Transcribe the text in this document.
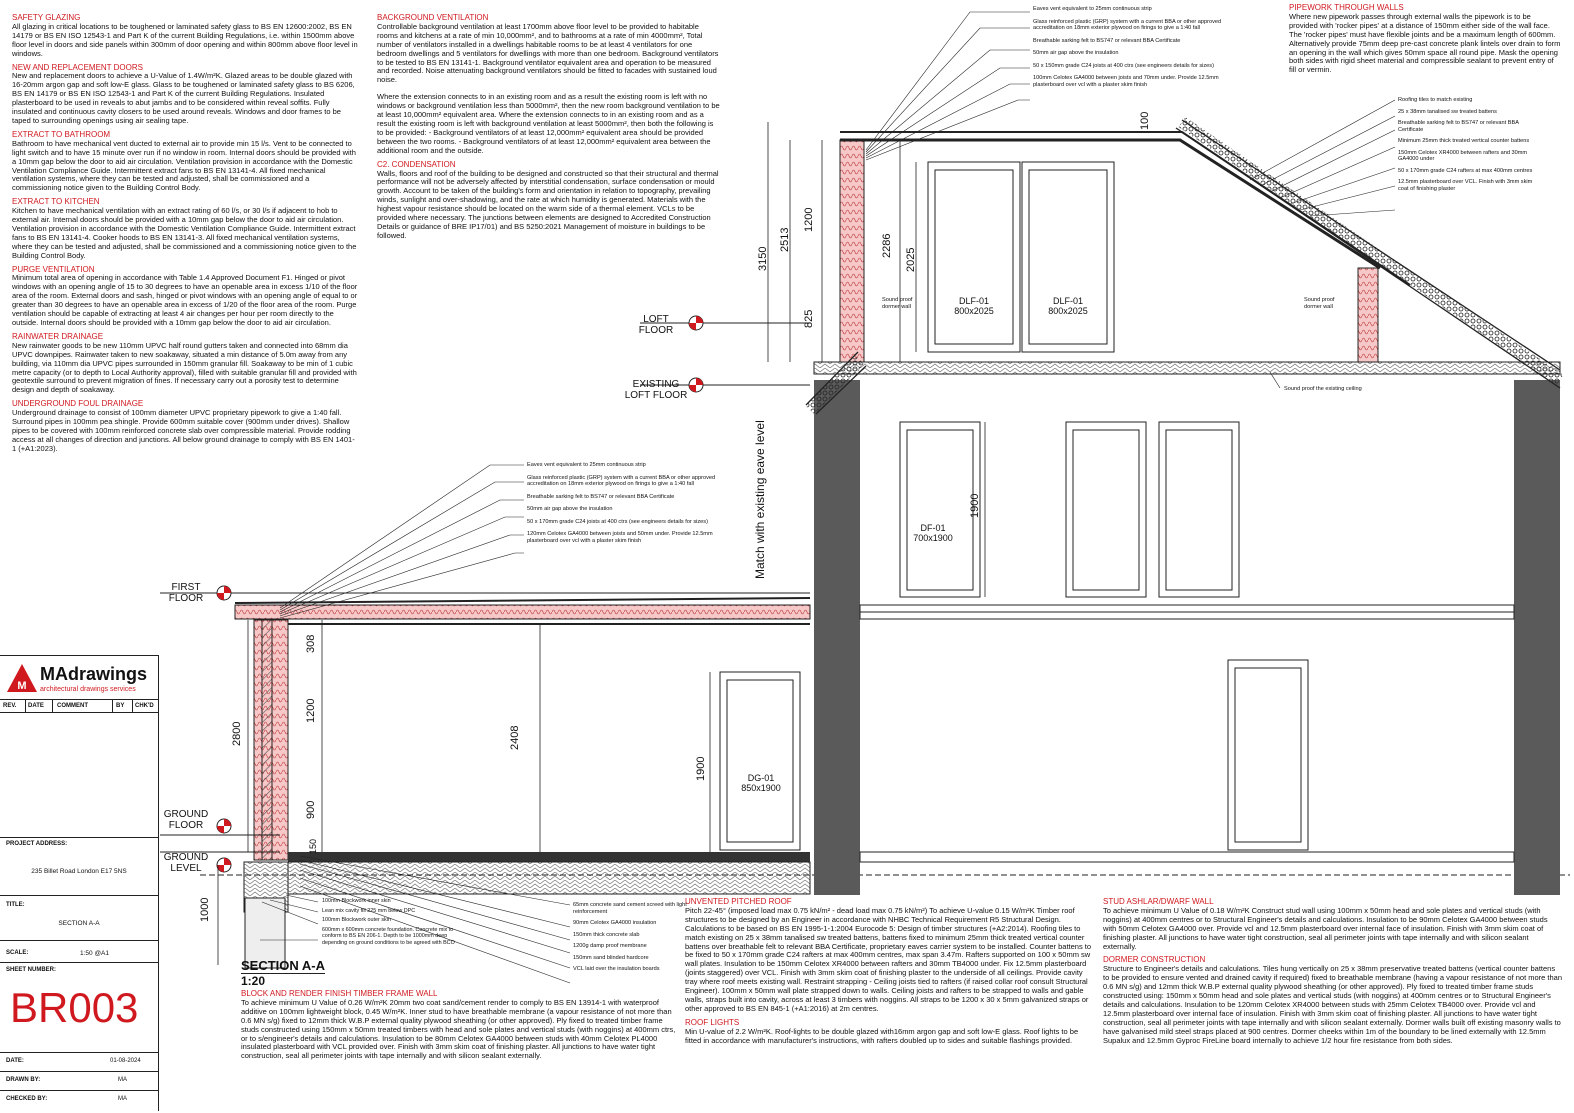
SAFETY GLAZING

All glazing in critical locations to be toughened or laminated safety glass to BS EN 12600:2002, BS EN 14179 or BS EN ISO 12543-1 and Part K of the current Building Regulations, i.e. within 1500mm above floor level in doors and side panels within 300mm of door opening and within 800mm above floor level in windows.

NEW AND REPLACEMENT DOORS

New and replacement doors to achieve a U-Value of 1.4W/m²K. Glazed areas to be double glazed with 16-20mm argon gap and soft low-E glass. Glass to be toughened or laminated safety glass to BS 6206, BS EN 14179 or BS EN ISO 12543-1 and Part K of the current Building Regulations. Insulated plasterboard to be used in reveals to abut jambs and to be considered within reveal soffits. Fully insulated and continuous cavity closers to be used around reveals. Windows and door frames to be taped to surrounding openings using air sealing tape.

EXTRACT TO BATHROOM

Bathroom to have mechanical vent ducted to external air to provide min 15 l/s. Vent to be connected to light switch and to have 15 minute over run if no window in room. Internal doors should be provided with a 10mm gap below the door to aid air circulation. Ventilation provision in accordance with the Domestic Ventilation Compliance Guide. Intermittent extract fans to BS EN 13141-4. All fixed mechanical ventilation systems, where they can be tested and adjusted, shall be commissioned and a commissioning notice given to the Building Control Body.

EXTRACT TO KITCHEN

Kitchen to have mechanical ventilation with an extract rating of 60 l/s, or 30 l/s if adjacent to hob to external air. Internal doors should be provided with a 10mm gap below the door to aid air circulation. Ventilation provision in accordance with the Domestic Ventilation Compliance Guide. Intermittent extract fans to BS EN 13141-4. Cooker hoods to BS EN 13141-3. All fixed mechanical ventilation systems, where they can be tested and adjusted, shall be commissioned and a commissioning notice given to the Building Control Body.

PURGE VENTILATION

Minimum total area of opening in accordance with Table 1.4 Approved Document F1. Hinged or pivot windows with an opening angle of 15 to 30 degrees to have an openable area in excess 1/10 of the floor area of the room. External doors and sash, hinged or pivot windows with an opening angle of equal to or greater than 30 degrees to have an openable area in excess of 1/20 of the floor area of the room. Purge ventilation should be capable of extracting at least 4 air changes per hour per room directly to the outside. Internal doors should be provided with a 10mm gap below the door to aid air circulation.

RAINWATER DRAINAGE

New rainwater goods to be new 110mm UPVC half round gutters taken and connected into 68mm dia UPVC downpipes. Rainwater taken to new soakaway, situated a min distance of 5.0m away from any building, via 110mm dia UPVC pipes surrounded in 150mm granular fill. Soakaway to be min of 1 cubic metre capacity (or to depth to Local Authority approval), filled with suitable granular fill and provided with geotextile surround to prevent migration of fines. If necessary carry out a porosity test to determine design and depth of soakaway.

UNDERGROUND FOUL DRAINAGE

Underground drainage to consist of 100mm diameter UPVC proprietary pipework to give a 1:40 fall. Surround pipes in 100mm pea shingle. Provide 600mm suitable cover (900mm under drives). Shallow pipes to be covered with 100mm reinforced concrete slab over compressible material. Provide rodding access at all changes of direction and junctions. All below ground drainage to comply with BS EN 1401-1 (+A1:2023).

BACKGROUND VENTILATION

Controllable background ventilation at least 1700mm above floor level to be provided to habitable rooms and kitchens at a rate of min 10,000mm², and to bathrooms at a rate of min 4000mm², Total number of ventilators installed in a dwellings habitable rooms to be at least 4 ventilators for one bedroom dwellings and 5 ventilators for dwellings with more than one bedroom. Background ventilators to be tested to BS EN 13141-1. Background ventilator equivalent area and operation to be measured and recorded. Noise attenuating background ventilators should be fitted to facades with sustained loud noise.

Where the extension connects to in an existing room and as a result the existing room is left with no windows or background ventilation less than 5000mm², then the new room background ventilation to be at least 10,000mm² equivalent area. Where the extension connects to in an existing room and as a result the existing room is left with background ventilation at least 5000mm², then both the following is to be provided: - Background ventilators of at least 12,000mm² equivalent area should be provided between the two rooms. - Background ventilators of at least 12,000mm² equivalent area between the additional room and the outside.

C2. CONDENSATION

Walls, floors and roof of the building to be designed and constructed so that their structural and thermal performance will not be adversely affected by interstitial condensation, surface condensation or mould growth. Account to be taken of the building's form and orientation in relation to topography, prevailing winds, sunlight and over-shadowing, and the rate at which humidity is generated. Materials with the highest vapour resistance should be located on the warm side of a thermal element. VCLs to be provided where necessary. The junctions between elements are designed to Accredited Construction Details or guidance of BRE IP17/01) and BS 5250:2021 Management of moisture in buildings to be followed.

PIPEWORK THROUGH WALLS

Where new pipework passes through external walls the pipework is to be provided with 'rocker pipes' at a distance of 150mm either side of the wall face. The 'rocker pipes' must have flexible joints and be a maximum length of 600mm. Alternatively provide 75mm deep pre-cast concrete plank lintels over drain to form an opening in the wall which gives 50mm space all round pipe. Mask the opening both sides with rigid sheet material and compressible sealant to prevent entry of fill or vermin.

BLOCK AND RENDER FINISH TIMBER FRAME WALL

To achieve minimum U Value of 0.26 W/m²K 20mm two coat sand/cement render to comply to BS EN 13914-1 with waterproof additive on 100mm lightweight block, 0.45 W/m²K. Inner stud to have breathable membrane (a vapour resistance of not more than 0.6 MN s/g) fixed to 12mm thick W.B.P external quality plywood sheathing (or other approved). Ply fixed to treated timber frame studs constructed using 150mm x 50mm treated timbers with head and sole plates and vertical studs (with noggins) at 400mm ctrs, or to s/engineer's details and calculations. Insulation to be 80mm Celotex GA4000 between studs with 40mm Celotex PL4000 insulated plasterboard with VCL provided over. Finish with 3mm skim coat of finishing plaster. All junctions to have water tight construction, seal all perimeter joints with tape internally and with silicon sealant externally.

UNVENTED PITCHED ROOF

Pitch 22-45° (imposed load max 0.75 kN/m² - dead load max 0.75 kN/m²) To achieve U-value 0.15 W/m²K Timber roof structures to be designed by an Engineer in accordance with NHBC Technical Requirement R5 Structural Design. Calculations to be based on BS EN 1995-1-1:2004 Eurocode 5: Design of timber structures (+A2:2014). Roofing tiles to match existing on 25 x 38mm tanalised sw treated battens, battens fixed to minimum 25mm thick treated vertical counter battens over breathable felt to relevant BBA Certificate, proprietary eaves carrier system to be installed. Counter battens to be fixed to 50 x 170mm grade C24 rafters at max 400mm centres, max span 3.47m. Rafters supported on 100 x 50mm sw wall plates. Insulation to be 150mm Celotex XR4000 between rafters and 30mm TB4000 under. Fix 12.5mm plasterboard (joints staggered) over VCL. Finish with 3mm skim coat of finishing plaster to the underside of all ceilings. Provide cavity tray where roof meets existing wall. Restraint strapping - Ceiling joists tied to rafters (if raised collar roof consult Structural Engineer). 100mm x 50mm wall plate strapped down to walls. Ceiling joists and rafters to be strapped to walls and gable walls, straps built into cavity, across at least 3 timbers with noggins. All straps to be 1200 x 30 x 5mm galvanized straps or other approved to BS EN 845-1 (+A1:2016) at 2m centres.

ROOF LIGHTS

Min U-value of 2.2 W/m²K. Roof-lights to be double glazed with16mm argon gap and soft low-E glass. Roof lights to be fitted in accordance with manufacturer's instructions, with rafters doubled up to sides and suitable flashings provided.

STUD ASHLAR/DWARF WALL

To achieve minimum U Value of 0.18 W/m²K Construct stud wall using 100mm x 50mm head and sole plates and vertical studs (with noggins) at 400mm centres or to Structural Engineer's details and calculations. Insulation to be 90mm Celotex GA4000 between studs with 50mm Celotex GA4000 over. Provide vcl and 12.5mm plasterboard over internal face of insulation. Finish with 3mm skim coat of finishing plaster. All junctions to have water tight construction, seal all perimeter joints with tape internally and with silicon sealant externally.

DORMER CONSTRUCTION

Structure to Engineer's details and calculations. Tiles hung vertically on 25 x 38mm preservative treated battens (vertical counter battens to be provided to ensure vented and drained cavity if required) fixed to breathable membrane (having a vapour resistance of not more than 0.6 MN s/g) and 12mm thick W.B.P external quality plywood sheathing (or other approved). Ply fixed to treated timber frame studs constructed using: 150mm x 50mm head and sole plates and vertical studs (with noggins) at 400mm centres or to Structural Engineer's details and calculations. Insulation to be 120mm Celotex XR4000 between studs with 25mm Celotex TB4000 over. Provide vcl and 12.5mm plasterboard over internal face of insulation. Finish with 3mm skim coat of finishing plaster. All junctions to have water tight construction, seal all perimeter joints with tape internally and with silicon sealant externally. Dormer walls built off existing masonry walls to have galvanised mild steel straps placed at 900 centres. Dormer cheeks within 1m of the boundary to be lined externally with 12.5mm Supalux and 12.5mm Gyproc FireLine board internally to achieve 1/2 hour fire resistance from both sides.

Eaves vent equivalent to 25mm continuous strip
Glass reinforced plastic (GRP) system with a current BBA or other approved accreditation on 18mm exterior plywood on firings to give a 1:40 fall
Breathable sarking felt to BS747 or relevant BBA Certificate
50mm air gap above the insulation
50 x 150mm grade C24 joists at 400 ctrs (see engineers details for sizes)
100mm Celotex GA4000 between joists and 70mm under. Provide 12.5mm plasterboard over vcl with a plaster skim finish
Eaves vent equivalent to 25mm continuous strip
Glass reinforced plastic (GRP) system with a current BBA or other approved accreditation on 18mm exterior plywood on firings to give a 1:40 fall
Breathable sarking felt to BS747 or relevant BBA Certificate
50mm air gap above the insulation
50 x 170mm grade C24 joists at 400 ctrs (see engineers details for sizes)
120mm Celotex GA4000 between joists and 50mm under. Provide 12.5mm plasterboard over vcl with a plaster skim finish
Roofing tiles to match existing
25 x 38mm tanalised sw treated battens
Breathable sarking felt to BS747 or relevant BBA Certificate
Minimum 25mm thick treated vertical counter battens
150mm Celotex XR4000 between rafters and 30mm GA4000 under
50 x 170mm grade C24 rafters at max 400mm centres
12.5mm plasterboard over VCL. Finish with 3mm skim coat of finishing plaster
65mm concrete sand cement screed with light reinforcement
90mm Celotex GA4000 insulation
150mm thick concrete slab
1200g damp proof membrane
150mm sand blinded hardcore
VCL laid over the insulation boards
100mm Blockwork inner skin
Lean mix cavity fill 225 mm below DPC
100mm Blockwork outer skin
600mm x 600mm concrete foundation. Concrete mix to conform to BS EN 206-1. Depth to be 1000mm deep depending on ground conditions to be agreed with BCO
Sound proof dormer wall
Sound proof dormer wall
Sound proof the existing ceiling
LOFT FLOOR
EXISTING LOFT FLOOR
FIRST FLOOR
GROUND FLOOR
GROUND LEVEL
Match with existing eave level
3150
2513
1200
825
2286
2025
100
1900
308
1200
900
2800	2408
1900
150
1000
DLF-01
800x2025
DLF-01
800x2025
DF-01
700x1900
DG-01
850x1900
SECTION A-A
1:20
M
MAdrawings
architectural drawings services
REV.	DATE	COMMENT	BY	CHK'D
PROJECT ADDRESS:
235 Billet Road London E17 5NS
TITLE:
SECTION A-A
SCALE:	1:50 @A1
SHEET NUMBER:
BR003
DATE:	01-08-2024
DRAWN BY:	MA
CHECKED BY:	MA
